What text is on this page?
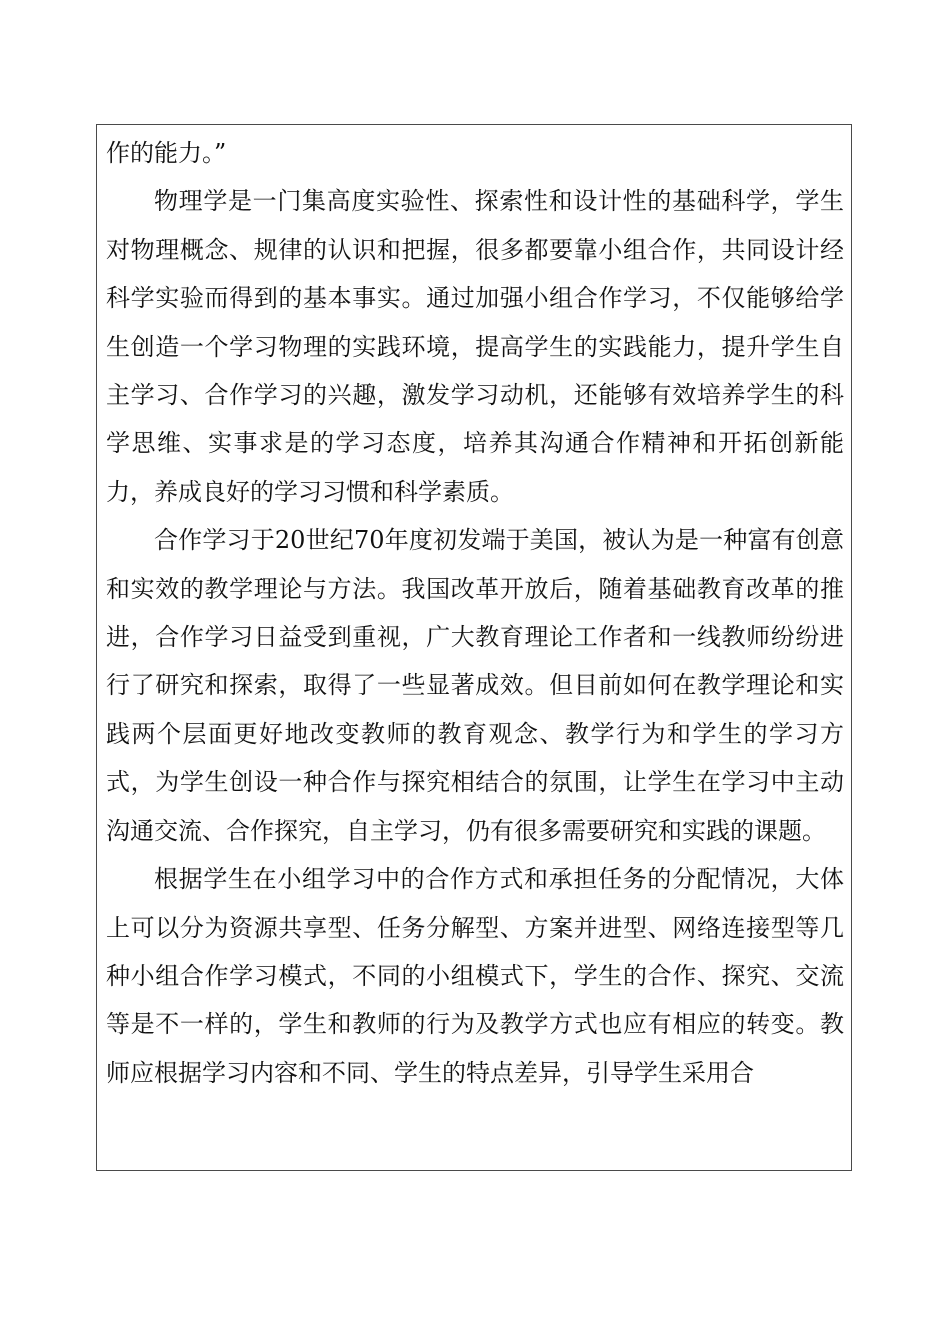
作的能力。”

物理学是一门集高度实验性、探索性和设计性的基础科学，学生对物理概念、规律的认识和把握，很多都要靠小组合作，共同设计经科学实验而得到的基本事实。通过加强小组合作学习，不仅能够给学生创造一个学习物理的实践环境，提高学生的实践能力，提升学生自主学习、合作学习的兴趣，激发学习动机，还能够有效培养学生的科学思维、实事求是的学习态度，培养其沟通合作精神和开拓创新能力，养成良好的学习习惯和科学素质。

合作学习于20世纪70年度初发端于美国，被认为是一种富有创意和实效的教学理论与方法。我国改革开放后，随着基础教育改革的推进，合作学习日益受到重视，广大教育理论工作者和一线教师纷纷进行了研究和探索，取得了一些显著成效。但目前如何在教学理论和实践两个层面更好地改变教师的教育观念、教学行为和学生的学习方式，为学生创设一种合作与探究相结合的氛围，让学生在学习中主动沟通交流、合作探究，自主学习，仍有很多需要研究和实践的课题。

根据学生在小组学习中的合作方式和承担任务的分配情况，大体上可以分为资源共享型、任务分解型、方案并进型、网络连接型等几种小组合作学习模式，不同的小组模式下，学生的合作、探究、交流等是不一样的，学生和教师的行为及教学方式也应有相应的转变。教师应根据学习内容和不同、学生的特点差异，引导学生采用合
